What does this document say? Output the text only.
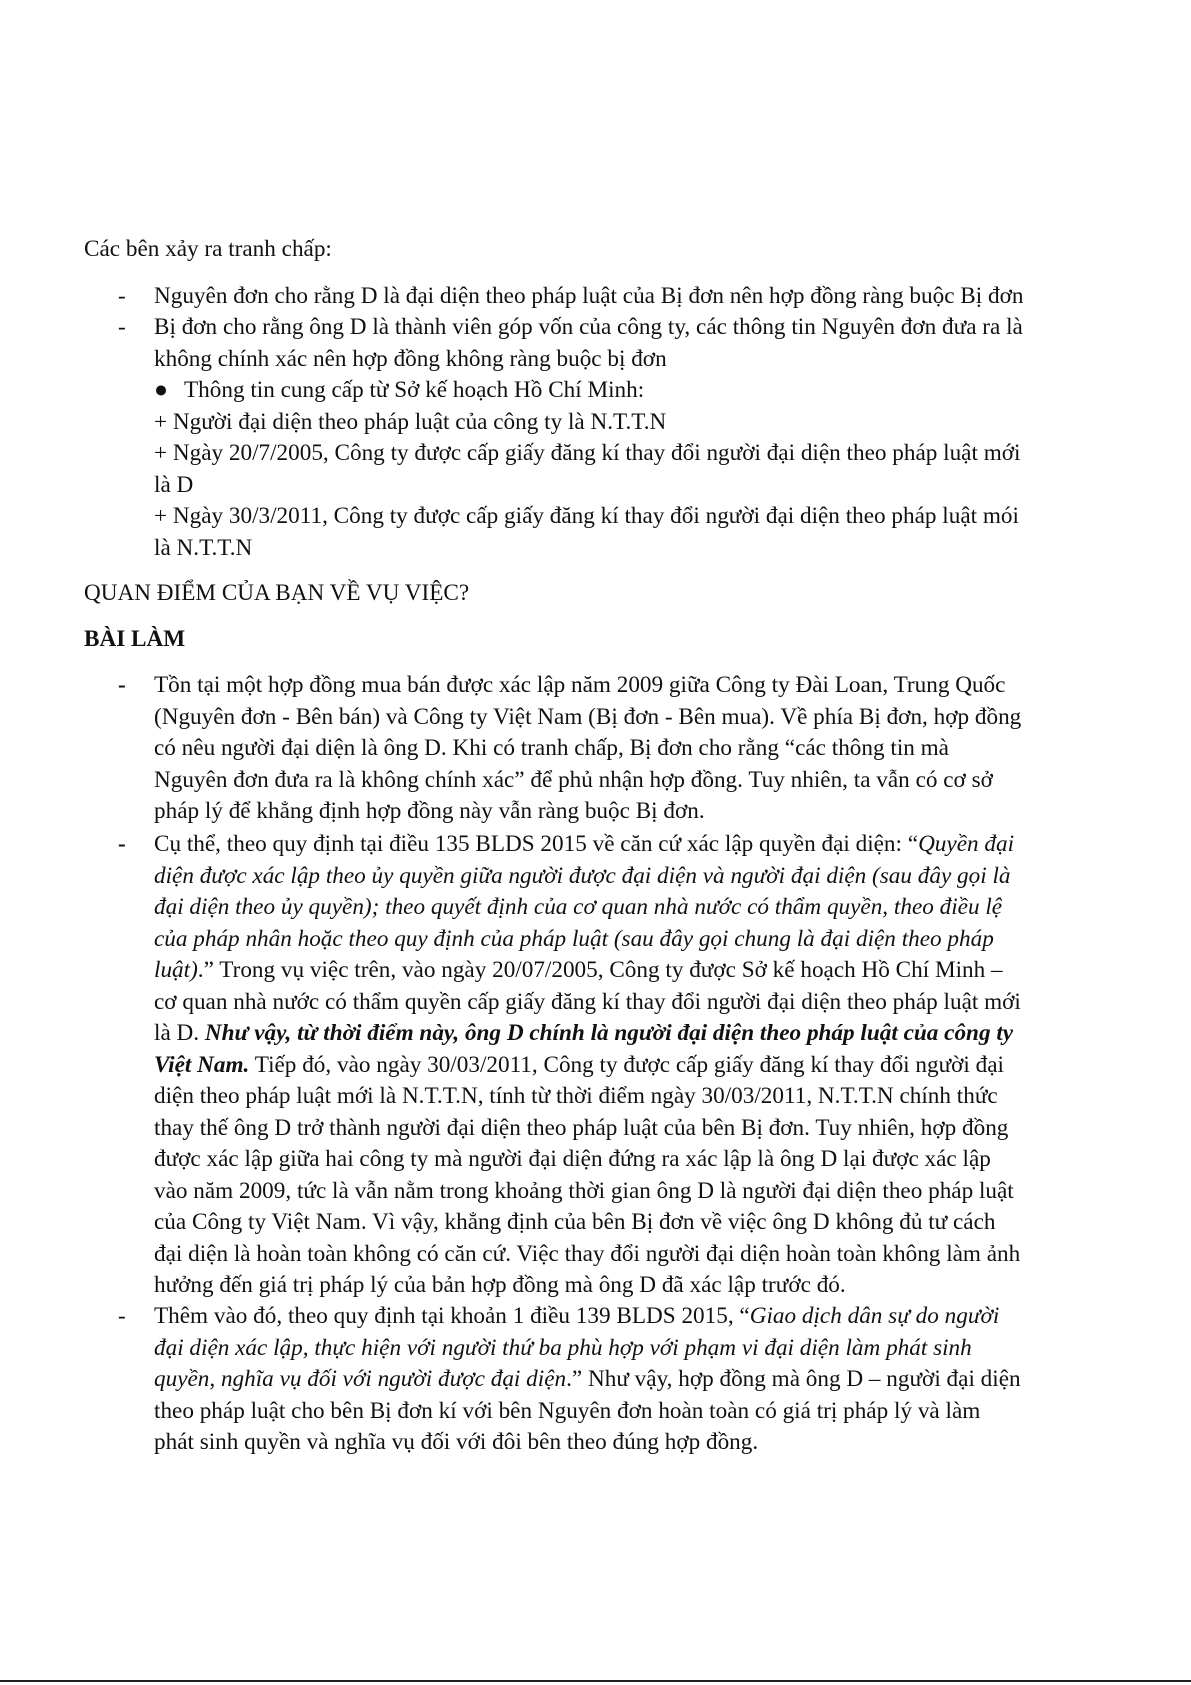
Các bên xảy ra tranh chấp:

-	Nguyên đơn cho rằng D là đại diện theo pháp luật của Bị đơn nên hợp đồng ràng buộc Bị đơn
-	Bị đơn cho rằng ông D là thành viên góp vốn của công ty, các thông tin Nguyên đơn đưa ra là
không chính xác nên hợp đồng không ràng buộc bị đơn
● Thông tin cung cấp từ Sở kế hoạch Hồ Chí Minh:
+ Người đại diện theo pháp luật của công ty là N.T.T.N
+ Ngày 20/7/2005, Công ty được cấp giấy đăng kí thay đổi người đại diện theo pháp luật mới
là D
+ Ngày 30/3/2011, Công ty được cấp giấy đăng kí thay đổi người đại diện theo pháp luật mói
là N.T.T.N

QUAN ĐIỂM CỦA BẠN VỀ VỤ VIỆC?

BÀI LÀM

-	Tồn tại một hợp đồng mua bán được xác lập năm 2009 giữa Công ty Đài Loan, Trung Quốc
(Nguyên đơn - Bên bán) và Công ty Việt Nam (Bị đơn - Bên mua). Về phía Bị đơn, hợp đồng
có nêu người đại diện là ông D. Khi có tranh chấp, Bị đơn cho rằng “các thông tin mà
Nguyên đơn đưa ra là không chính xác” để phủ nhận hợp đồng. Tuy nhiên, ta vẫn có cơ sở
pháp lý để khẳng định hợp đồng này vẫn ràng buộc Bị đơn.
-	Cụ thể, theo quy định tại điều 135 BLDS 2015 về căn cứ xác lập quyền đại diện: “Quyền đại
diện được xác lập theo ủy quyền giữa người được đại diện và người đại diện (sau đây gọi là
đại diện theo ủy quyền); theo quyết định của cơ quan nhà nước có thẩm quyền, theo điều lệ
của pháp nhân hoặc theo quy định của pháp luật (sau đây gọi chung là đại diện theo pháp
luật).” Trong vụ việc trên, vào ngày 20/07/2005, Công ty được Sở kế hoạch Hồ Chí Minh –
cơ quan nhà nước có thẩm quyền cấp giấy đăng kí thay đổi người đại diện theo pháp luật mới
là D. Như vậy, từ thời điểm này, ông D chính là người đại diện theo pháp luật của công ty
Việt Nam. Tiếp đó, vào ngày 30/03/2011, Công ty được cấp giấy đăng kí thay đổi người đại
diện theo pháp luật mới là N.T.T.N, tính từ thời điểm ngày 30/03/2011, N.T.T.N chính thức
thay thế ông D trở thành người đại diện theo pháp luật của bên Bị đơn. Tuy nhiên, hợp đồng
được xác lập giữa hai công ty mà người đại diện đứng ra xác lập là ông D lại được xác lập
vào năm 2009, tức là vẫn nằm trong khoảng thời gian ông D là người đại diện theo pháp luật
của Công ty Việt Nam. Vì vậy, khẳng định của bên Bị đơn về việc ông D không đủ tư cách
đại diện là hoàn toàn không có căn cứ. Việc thay đổi người đại diện hoàn toàn không làm ảnh
hưởng đến giá trị pháp lý của bản hợp đồng mà ông D đã xác lập trước đó.
-	Thêm vào đó, theo quy định tại khoản 1 điều 139 BLDS 2015, “Giao dịch dân sự do người
đại diện xác lập, thực hiện với người thứ ba phù hợp với phạm vi đại diện làm phát sinh
quyền, nghĩa vụ đối với người được đại diện.” Như vậy, hợp đồng mà ông D – người đại diện
theo pháp luật cho bên Bị đơn kí với bên Nguyên đơn hoàn toàn có giá trị pháp lý và làm
phát sinh quyền và nghĩa vụ đối với đôi bên theo đúng hợp đồng.
